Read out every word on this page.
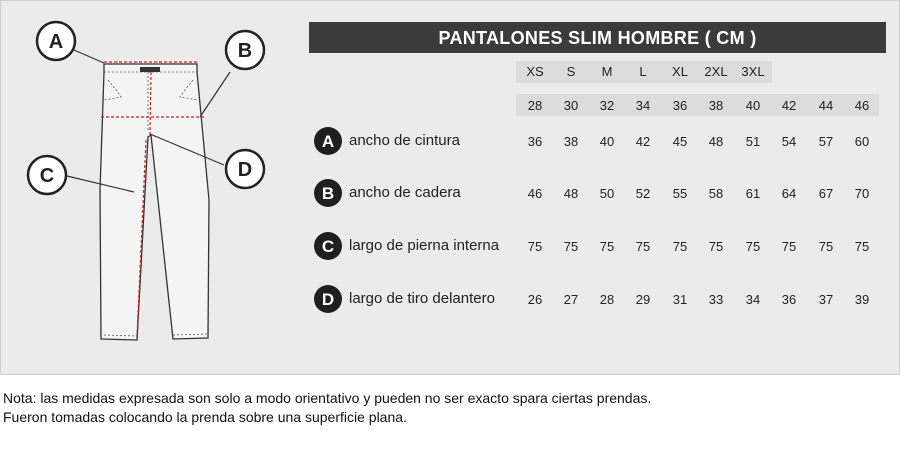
A	B
C	D
PANTALONES SLIM HOMBRE ( CM )
XS	S	M	L	XL	2XL	3XL
28	30	32	34	36	38	40	42	44	46
A ancho de cintura	36	38	40	42	45	48	51	54	57	60
B ancho de cadera	46	48	50	52	55	58	61	64	67	70
C largo de pierna interna	75	75	75	75	75	75	75	75	75	75
D largo de tiro delantero	26	27	28	29	31	33	34	36	37	39
Nota: las medidas expresada son solo a modo orientativo y pueden no ser exacto spara ciertas prendas.
Fueron tomadas colocando la prenda sobre una superficie plana.
